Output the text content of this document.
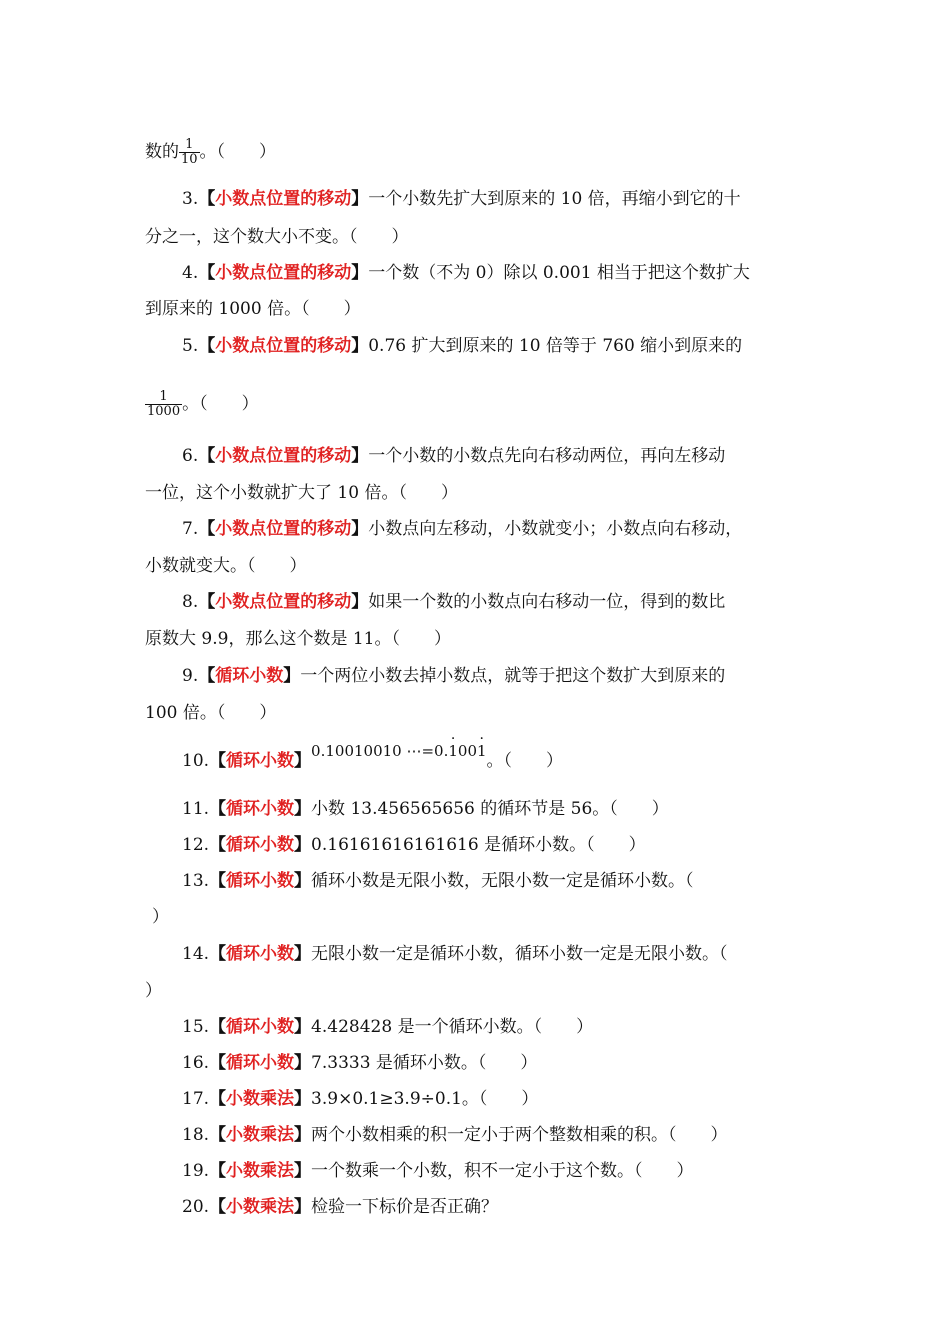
数的 $\frac{1}{10}$ 。（　　）
3.【小数点位置的移动】一个小数先扩大到原来的 10 倍，再缩小到它的十
分之一，这个数大小不变。（　　）
4.【小数点位置的移动】一个数（不为 0）除以 0.001 相当于把这个数扩大
到原来的 1000 倍。（　　）
5.【小数点位置的移动】0.76 扩大到原来的 10 倍等于 760 缩小到原来的
$\frac{1}{1000}$ 。（　　）
6.【小数点位置的移动】一个小数的小数点先向右移动两位，再向左移动
一位，这个小数就扩大了 10 倍。（　　）
7.【小数点位置的移动】小数点向左移动，小数就变小；小数点向右移动，
小数就变大。（　　）
8.【小数点位置的移动】如果一个数的小数点向右移动一位，得到的数比
原数大 9.9，那么这个数是 11。（　　）
9.【循环小数】一个两位小数去掉小数点，就等于把这个数扩大到原来的
100 倍。（　　）
10.【循环小数】0.10010010 ⋯=0.· 100· 1。（　　）
11.【循环小数】小数 13.456565656 的循环节是 56。（　　）
12.【循环小数】0.16161616161616 是循环小数。（　　）
13.【循环小数】循环小数是无限小数，无限小数一定是循环小数。（
）
14.【循环小数】无限小数一定是循环小数，循环小数一定是无限小数。（
）
15.【循环小数】4.428428 是一个循环小数。（　　）
16.【循环小数】7.3333 是循环小数。（　　）
17.【小数乘法】3.9×0.1≥3.9÷0.1。（　　）
18.【小数乘法】两个小数相乘的积一定小于两个整数相乘的积。（　　）
19.【小数乘法】一个数乘一个小数，积不一定小于这个数。（　　）
20.【小数乘法】检验一下标价是否正确？
